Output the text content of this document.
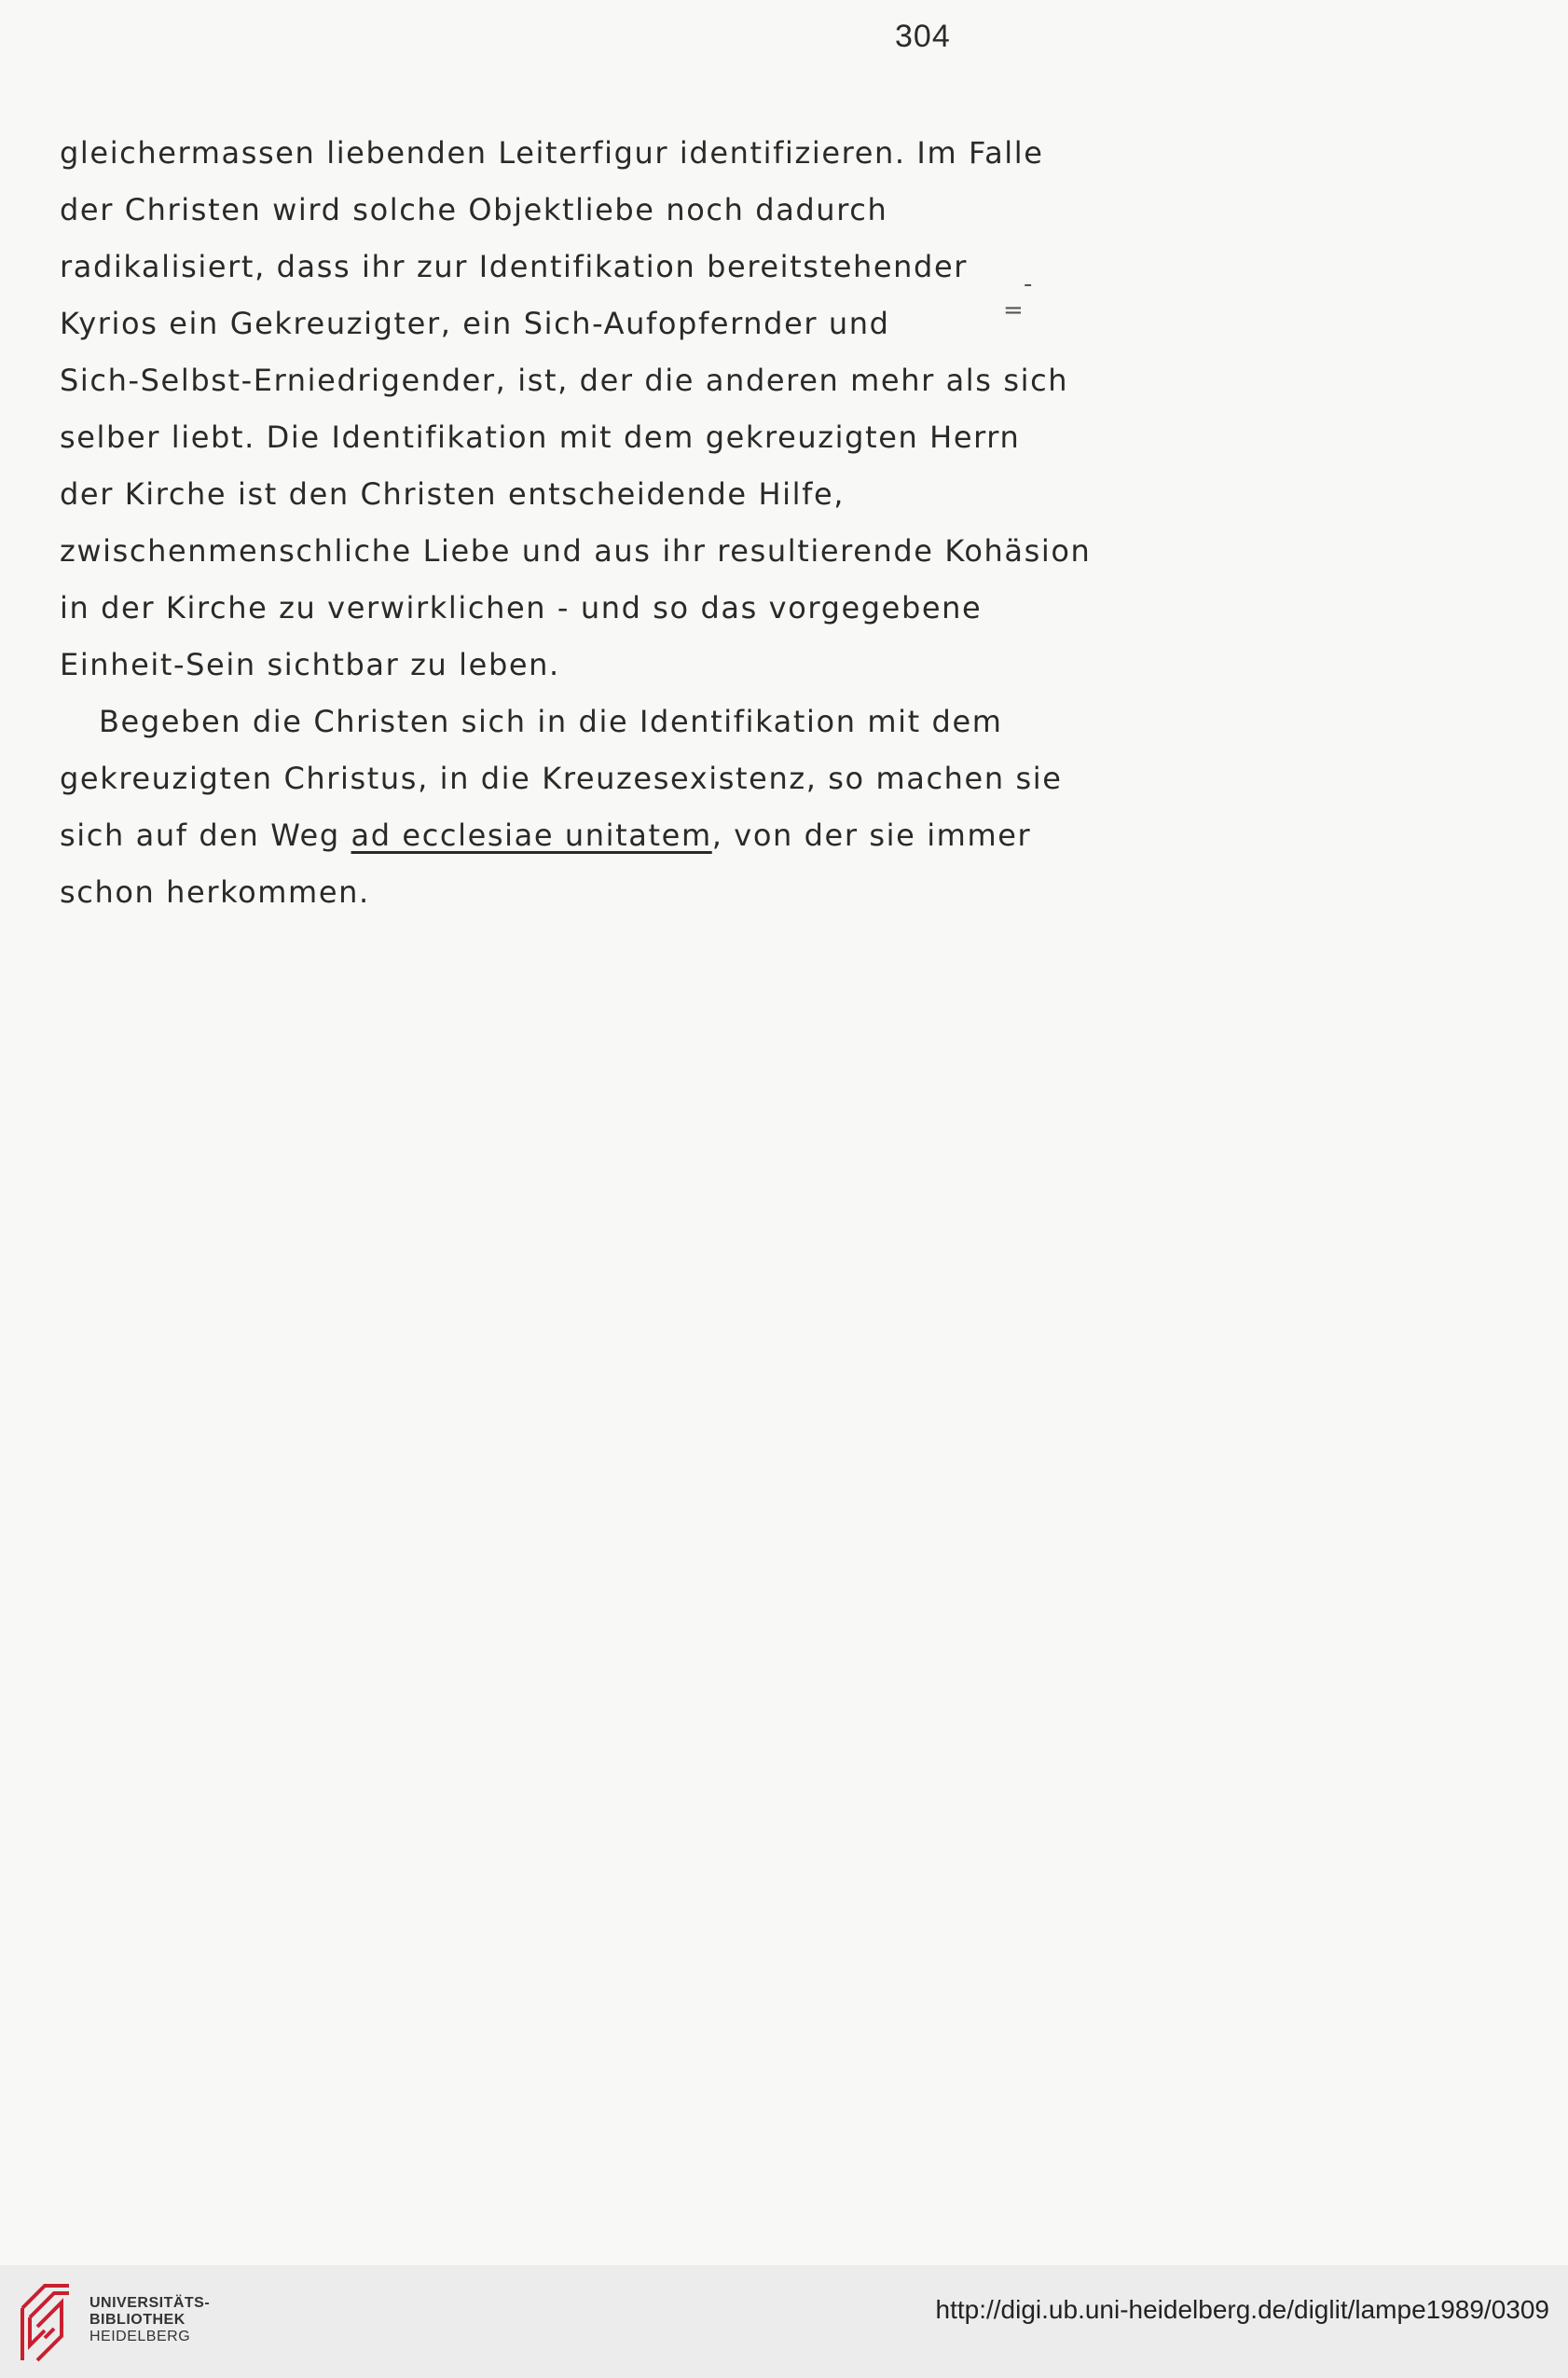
304
gleichermassen liebenden Leiterfigur identifizieren. Im Falle
der Christen wird solche Objektliebe noch dadurch
radikalisiert, dass ihr zur Identifikation bereitstehender
Kyrios ein Gekreuzigter, ein Sich-Aufopfernder und
Sich-Selbst-Erniedrigender, ist, der die anderen mehr als sich
selber liebt. Die Identifikation mit dem gekreuzigten Herrn
der Kirche ist den Christen entscheidende Hilfe,
zwischenmenschliche Liebe und aus ihr resultierende Kohäsion
in der Kirche zu verwirklichen - und so das vorgegebene
Einheit-Sein sichtbar zu leben.
Begeben die Christen sich in die Identifikation mit dem
gekreuzigten Christus, in die Kreuzesexistenz, so machen sie
sich auf den Weg ad ecclesiae unitatem, von der sie immer
schon herkommen.
-
=
UNIVERSITÄTS-
BIBLIOTHEK
HEIDELBERG
http://digi.ub.uni-heidelberg.de/diglit/lampe1989/0309
